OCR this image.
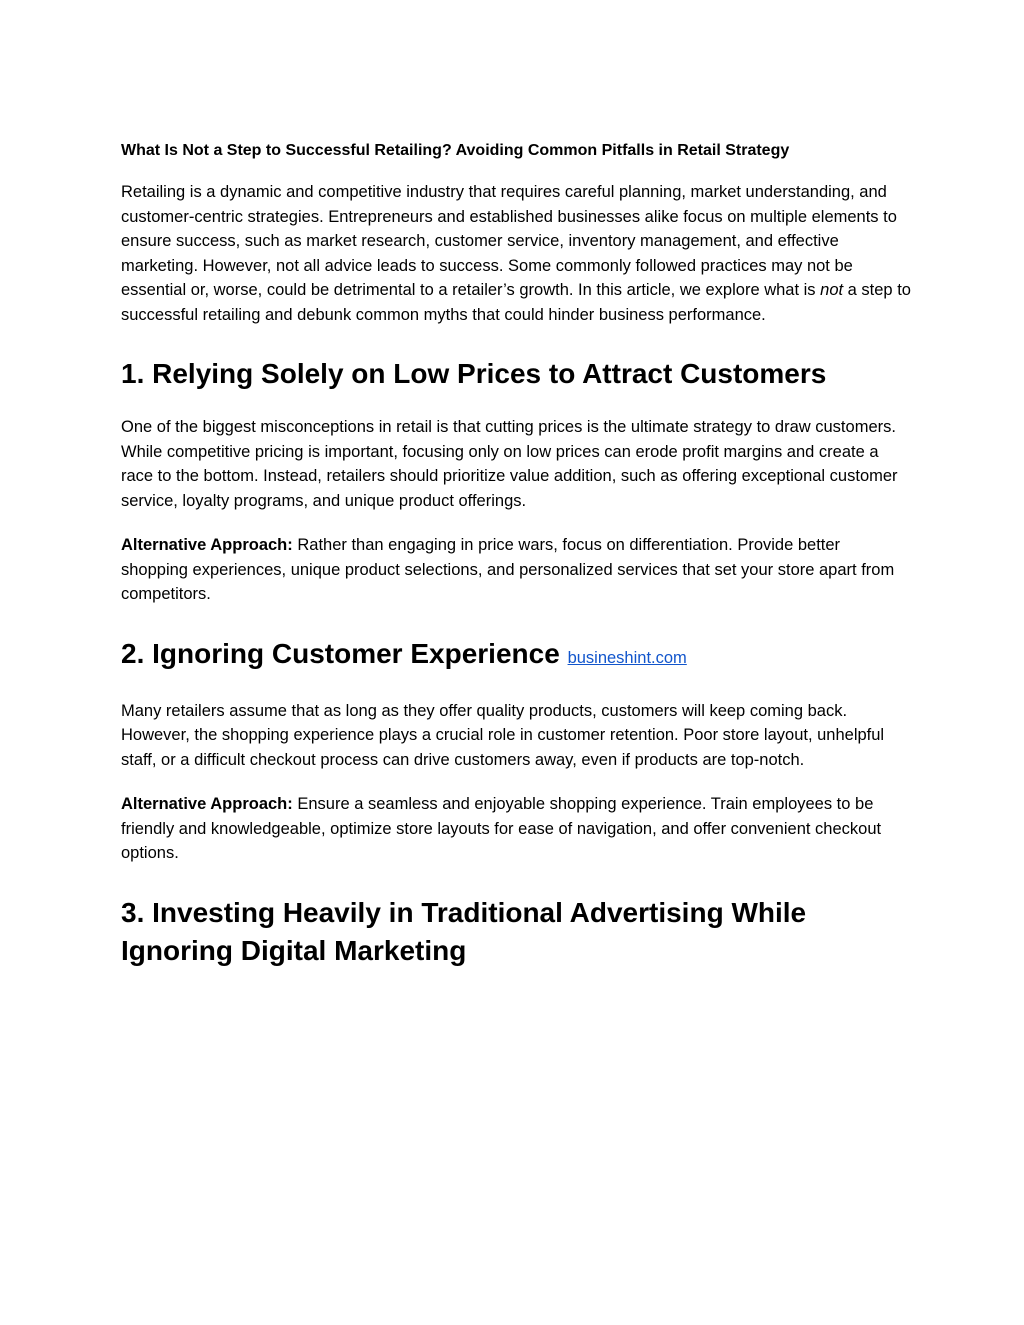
What Is Not a Step to Successful Retailing? Avoiding Common Pitfalls in Retail Strategy

Retailing is a dynamic and competitive industry that requires careful planning, market understanding, and customer-centric strategies. Entrepreneurs and established businesses alike focus on multiple elements to ensure success, such as market research, customer service, inventory management, and effective marketing. However, not all advice leads to success. Some commonly followed practices may not be essential or, worse, could be detrimental to a retailer’s growth. In this article, we explore what is not a step to successful retailing and debunk common myths that could hinder business performance.

1. Relying Solely on Low Prices to Attract Customers

One of the biggest misconceptions in retail is that cutting prices is the ultimate strategy to draw customers. While competitive pricing is important, focusing only on low prices can erode profit margins and create a race to the bottom. Instead, retailers should prioritize value addition, such as offering exceptional customer service, loyalty programs, and unique product offerings.

Alternative Approach: Rather than engaging in price wars, focus on differentiation. Provide better shopping experiences, unique product selections, and personalized services that set your store apart from competitors.

2. Ignoring Customer Experience busineshint.com

Many retailers assume that as long as they offer quality products, customers will keep coming back. However, the shopping experience plays a crucial role in customer retention. Poor store layout, unhelpful staff, or a difficult checkout process can drive customers away, even if products are top-notch.

Alternative Approach: Ensure a seamless and enjoyable shopping experience. Train employees to be friendly and knowledgeable, optimize store layouts for ease of navigation, and offer convenient checkout options.

3. Investing Heavily in Traditional Advertising While Ignoring Digital Marketing
